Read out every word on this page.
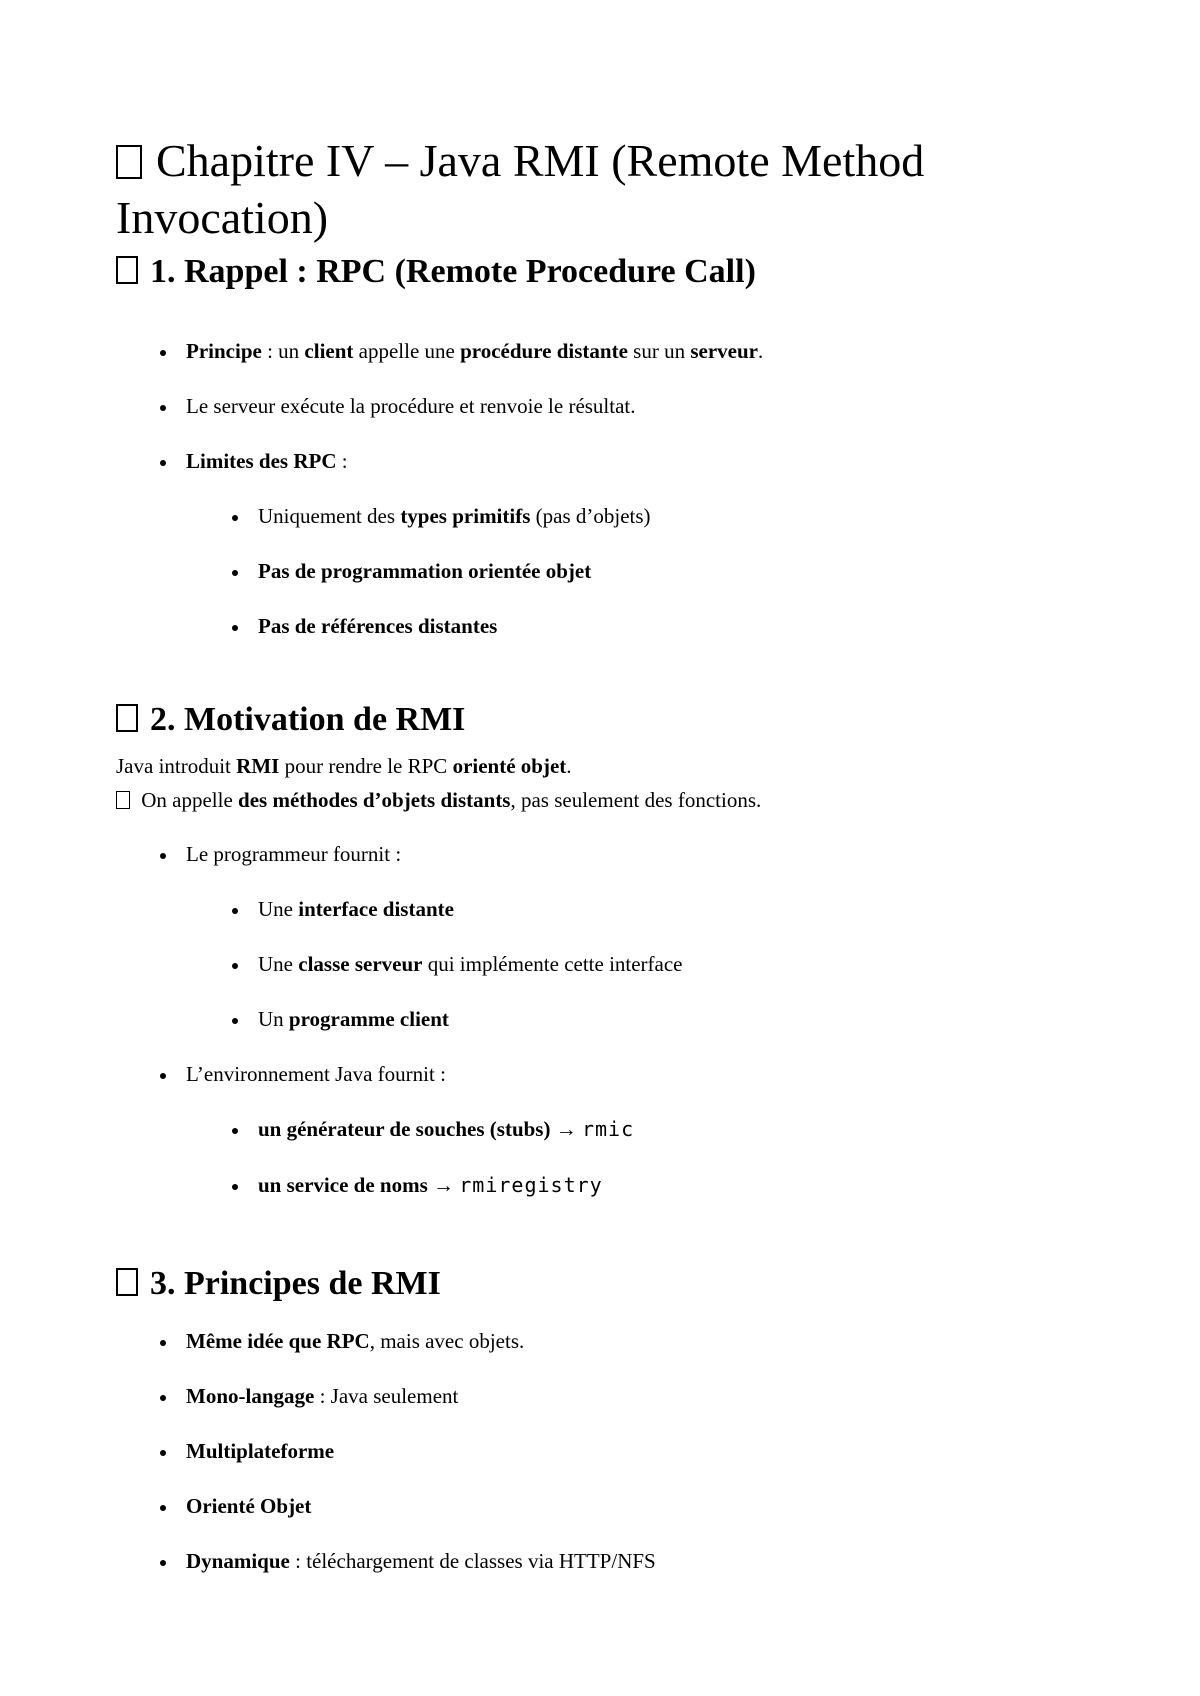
Chapitre IV – Java RMI (Remote Method Invocation)
1. Rappel : RPC (Remote Procedure Call)
Principe : un client appelle une procédure distante sur un serveur.
Le serveur exécute la procédure et renvoie le résultat.
Limites des RPC :
Uniquement des types primitifs (pas d’objets)
Pas de programmation orientée objet
Pas de références distantes
2. Motivation de RMI
Java introduit RMI pour rendre le RPC orienté objet.
On appelle des méthodes d’objets distants, pas seulement des fonctions.
Le programmeur fournit :
Une interface distante
Une classe serveur qui implémente cette interface
Un programme client
L’environnement Java fournit :
un générateur de souches (stubs) → rmic
un service de noms → rmiregistry
3. Principes de RMI
Même idée que RPC, mais avec objets.
Mono-langage : Java seulement
Multiplateforme
Orienté Objet
Dynamique : téléchargement de classes via HTTP/NFS
